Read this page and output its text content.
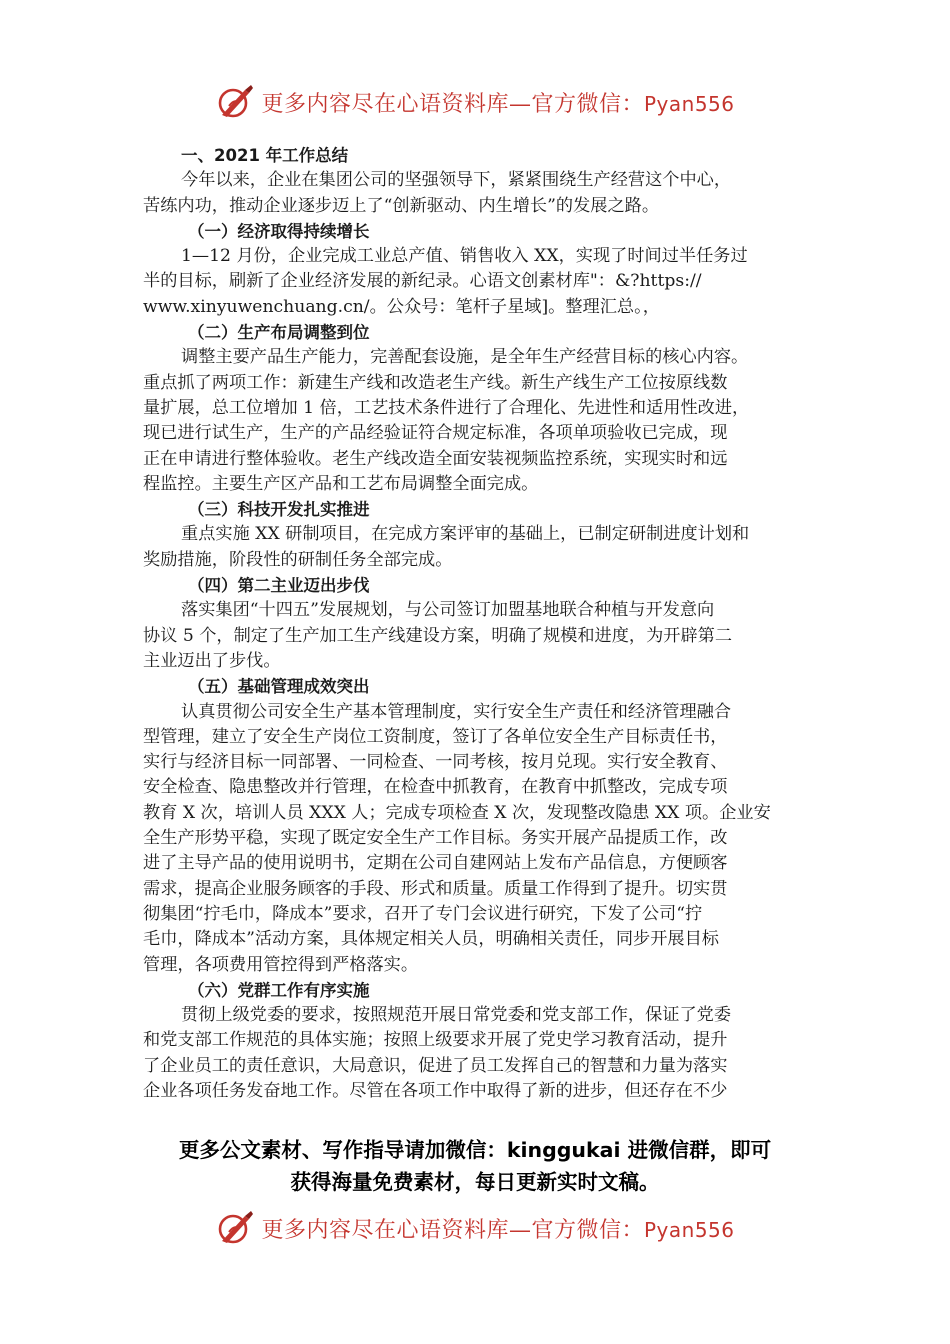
更多内容尽在心语资料库—官方微信：Pyan556
一、2021 年工作总结
今年以来，企业在集团公司的坚强领导下，紧紧围绕生产经营这个中心，
苦练内功，推动企业逐步迈上了“创新驱动、内生增长”的发展之路。
（一）经济取得持续增长
1—12 月份，企业完成工业总产值、销售收入 XX，实现了时间过半任务过
半的目标，刷新了企业经济发展的新纪录。心语文创素材库"：&?https://
www.xinyuwenchuang.cn/。公众号：笔杆子星域]。整理汇总。，
（二）生产布局调整到位
调整主要产品生产能力，完善配套设施，是全年生产经营目标的核心内容。
重点抓了两项工作：新建生产线和改造老生产线。新生产线生产工位按原线数
量扩展，总工位增加 1 倍，工艺技术条件进行了合理化、先进性和适用性改进，
现已进行试生产，生产的产品经验证符合规定标准，各项单项验收已完成，现
正在申请进行整体验收。老生产线改造全面安装视频监控系统，实现实时和远
程监控。主要生产区产品和工艺布局调整全面完成。
（三）科技开发扎实推进
重点实施 XX 研制项目，在完成方案评审的基础上，已制定研制进度计划和
奖励措施，阶段性的研制任务全部完成。
（四）第二主业迈出步伐
落实集团“十四五”发展规划，与公司签订加盟基地联合种植与开发意向
协议 5 个，制定了生产加工生产线建设方案，明确了规模和进度，为开辟第二
主业迈出了步伐。
（五）基础管理成效突出
认真贯彻公司安全生产基本管理制度，实行安全生产责任和经济管理融合
型管理，建立了安全生产岗位工资制度，签订了各单位安全生产目标责任书，
实行与经济目标一同部署、一同检查、一同考核，按月兑现。实行安全教育、
安全检查、隐患整改并行管理，在检查中抓教育，在教育中抓整改，完成专项
教育 X 次，培训人员 XXX 人；完成专项检查 X 次，发现整改隐患 XX 项。企业安
全生产形势平稳，实现了既定安全生产工作目标。务实开展产品提质工作，改
进了主导产品的使用说明书，定期在公司自建网站上发布产品信息，方便顾客
需求，提高企业服务顾客的手段、形式和质量。质量工作得到了提升。切实贯
彻集团“拧毛巾，降成本”要求，召开了专门会议进行研究，下发了公司“拧
毛巾，降成本”活动方案，具体规定相关人员，明确相关责任，同步开展目标
管理，各项费用管控得到严格落实。
（六）党群工作有序实施
贯彻上级党委的要求，按照规范开展日常党委和党支部工作，保证了党委
和党支部工作规范的具体实施；按照上级要求开展了党史学习教育活动，提升
了企业员工的责任意识，大局意识，促进了员工发挥自己的智慧和力量为落实
企业各项任务发奋地工作。尽管在各项工作中取得了新的进步，但还存在不少
更多公文素材、写作指导请加微信：kinggukai 进微信群，即可
获得海量免费素材，每日更新实时文稿。
更多内容尽在心语资料库—官方微信：Pyan556
